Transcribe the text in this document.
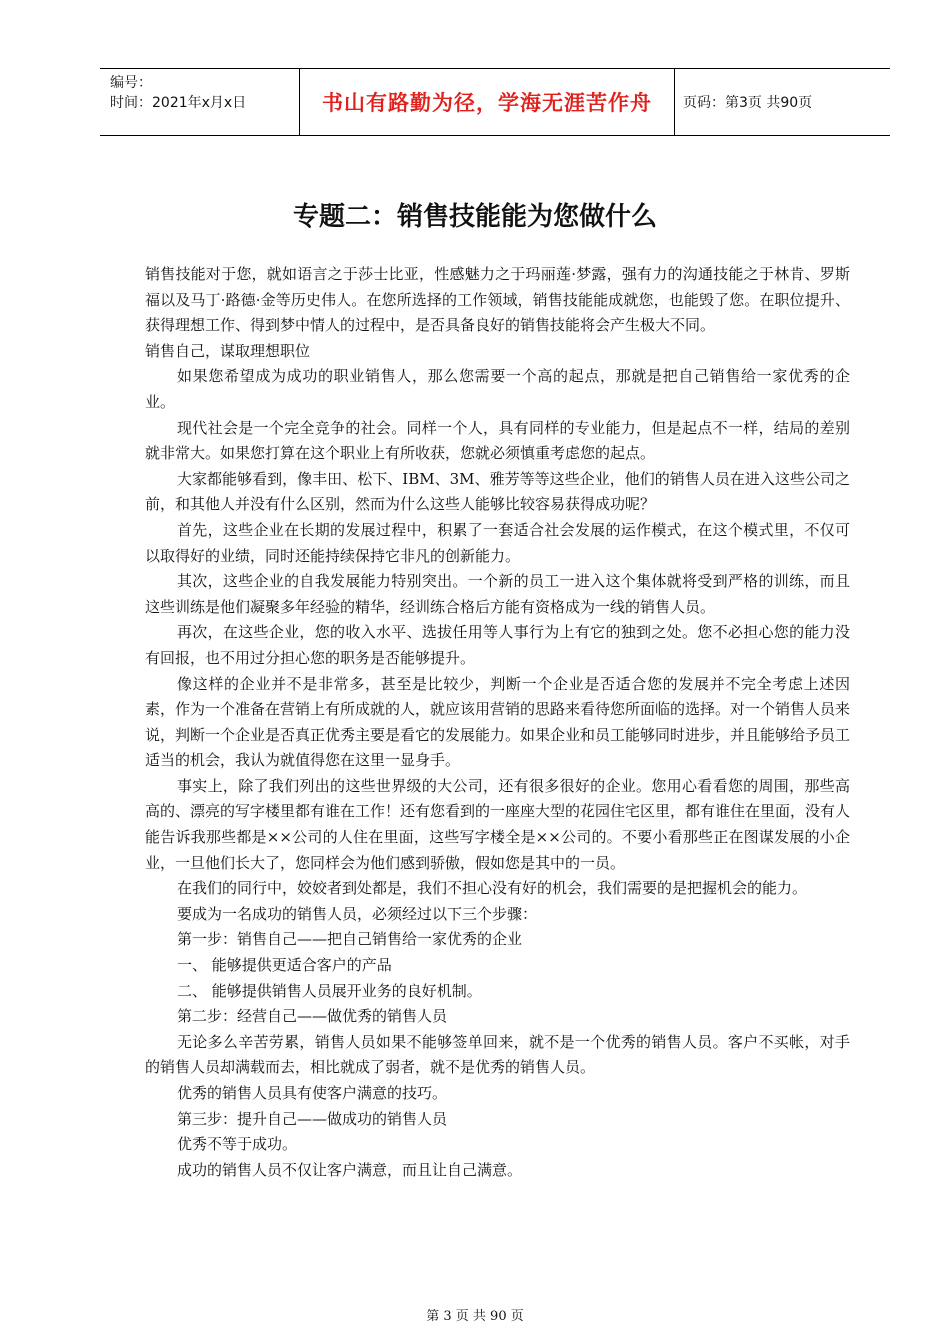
编号：
时间：2021年x月x日	书山有路勤为径，学海无涯苦作舟	页码：第3页 共90页
专题二：销售技能能为您做什么

销售技能对于您，就如语言之于莎士比亚，性感魅力之于玛丽莲·梦露，强有力的沟通技能之于林肯、罗斯福以及马丁·路德·金等历史伟人。在您所选择的工作领域，销售技能能成就您，也能毁了您。在职位提升、获得理想工作、得到梦中情人的过程中，是否具备良好的销售技能将会产生极大不同。

销售自己，谋取理想职位

如果您希望成为成功的职业销售人，那么您需要一个高的起点，那就是把自己销售给一家优秀的企业。

现代社会是一个完全竞争的社会。同样一个人，具有同样的专业能力，但是起点不一样，结局的差别就非常大。如果您打算在这个职业上有所收获，您就必须慎重考虑您的起点。

大家都能够看到，像丰田、松下、IBM、3M、雅芳等等这些企业，他们的销售人员在进入这些公司之前，和其他人并没有什么区别，然而为什么这些人能够比较容易获得成功呢？

首先，这些企业在长期的发展过程中，积累了一套适合社会发展的运作模式，在这个模式里，不仅可以取得好的业绩，同时还能持续保持它非凡的创新能力。

其次，这些企业的自我发展能力特别突出。一个新的员工一进入这个集体就将受到严格的训练，而且这些训练是他们凝聚多年经验的精华，经训练合格后方能有资格成为一线的销售人员。

再次，在这些企业，您的收入水平、选拔任用等人事行为上有它的独到之处。您不必担心您的能力没有回报，也不用过分担心您的职务是否能够提升。

像这样的企业并不是非常多，甚至是比较少，判断一个企业是否适合您的发展并不完全考虑上述因素，作为一个准备在营销上有所成就的人，就应该用营销的思路来看待您所面临的选择。对一个销售人员来说，判断一个企业是否真正优秀主要是看它的发展能力。如果企业和员工能够同时进步，并且能够给予员工适当的机会，我认为就值得您在这里一显身手。

事实上，除了我们列出的这些世界级的大公司，还有很多很好的企业。您用心看看您的周围，那些高高的、漂亮的写字楼里都有谁在工作！还有您看到的一座座大型的花园住宅区里，都有谁住在里面，没有人能告诉我那些都是××公司的人住在里面，这些写字楼全是××公司的。不要小看那些正在图谋发展的小企业，一旦他们长大了，您同样会为他们感到骄傲，假如您是其中的一员。

在我们的同行中，姣姣者到处都是，我们不担心没有好的机会，我们需要的是把握机会的能力。

要成为一名成功的销售人员，必须经过以下三个步骤：

第一步：销售自己——把自己销售给一家优秀的企业

一、 能够提供更适合客户的产品

二、 能够提供销售人员展开业务的良好机制。

第二步：经营自己——做优秀的销售人员

无论多么辛苦劳累，销售人员如果不能够签单回来，就不是一个优秀的销售人员。客户不买帐，对手的销售人员却满载而去，相比就成了弱者，就不是优秀的销售人员。

优秀的销售人员具有使客户满意的技巧。

第三步：提升自己——做成功的销售人员

优秀不等于成功。

成功的销售人员不仅让客户满意，而且让自己满意。

第 3 页 共 90 页
